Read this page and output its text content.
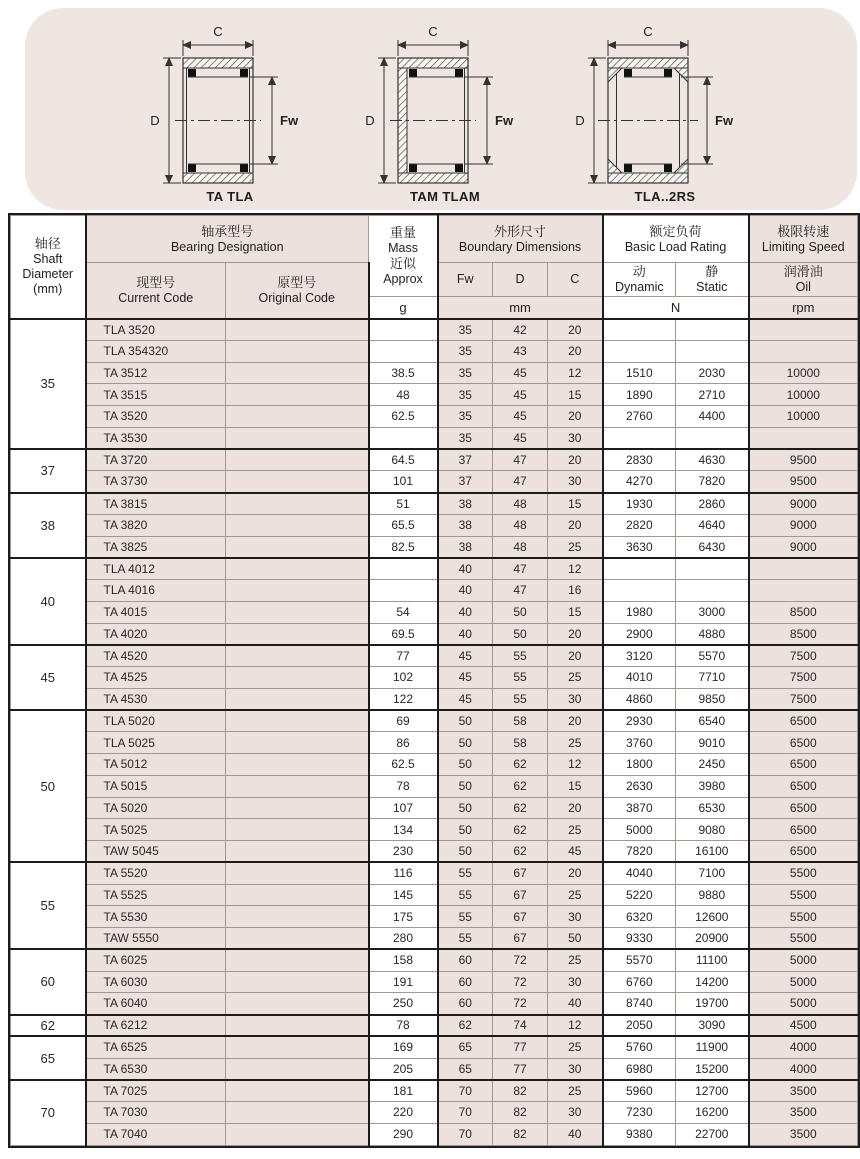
C
D	Fw
TA TLA
C
D	Fw
TAM TLAM
C
D	Fw
TLA..2RS
轴径
Shaft
Diameter
(mm)	轴承型号
Bearing Designation		重量
Mass
近似
Approx	外形尺寸
Boundary Dimensions			额定负荷
Basic Load Rating		极限转速
Limiting Speed

	现型号
Current Code	原型号
Original Code		Fw	D	C	动
Dynamic	静
Static	润滑油
Oil

			g	mm			N		rpm
35	TLA 3520			35	42	20			
	TLA 354320			35	43	20			
	TA 3512		38.5	35	45	12	1510	2030	10000
	TA 3515		48	35	45	15	1890	2710	10000
	TA 3520		62.5	35	45	20	2760	4400	10000
	TA 3530			35	45	30			
37	TA 3720		64.5	37	47	20	2830	4630	9500
	TA 3730		101	37	47	30	4270	7820	9500
38	TA 3815		51	38	48	15	1930	2860	9000
	TA 3820		65.5	38	48	20	2820	4640	9000
	TA 3825		82.5	38	48	25	3630	6430	9000
40	TLA 4012			40	47	12			
	TLA 4016			40	47	16			
	TA 4015		54	40	50	15	1980	3000	8500
	TA 4020		69.5	40	50	20	2900	4880	8500
45	TA 4520		77	45	55	20	3120	5570	7500
	TA 4525		102	45	55	25	4010	7710	7500
	TA 4530		122	45	55	30	4860	9850	7500
50	TLA 5020		69	50	58	20	2930	6540	6500
	TLA 5025		86	50	58	25	3760	9010	6500
	TA 5012		62.5	50	62	12	1800	2450	6500
	TA 5015		78	50	62	15	2630	3980	6500
	TA 5020		107	50	62	20	3870	6530	6500
	TA 5025		134	50	62	25	5000	9080	6500
	TAW 5045		230	50	62	45	7820	16100	6500
55	TA 5520		116	55	67	20	4040	7100	5500
	TA 5525		145	55	67	25	5220	9880	5500
	TA 5530		175	55	67	30	6320	12600	5500
	TAW 5550		280	55	67	50	9330	20900	5500
60	TA 6025		158	60	72	25	5570	11100	5000
	TA 6030		191	60	72	30	6760	14200	5000
	TA 6040		250	60	72	40	8740	19700	5000
62	TA 6212		78	62	74	12	2050	3090	4500
65	TA 6525		169	65	77	25	5760	11900	4000
	TA 6530		205	65	77	30	6980	15200	4000
70	TA 7025		181	70	82	25	5960	12700	3500
	TA 7030		220	70	82	30	7230	16200	3500
	TA 7040		290	70	82	40	9380	22700	3500
